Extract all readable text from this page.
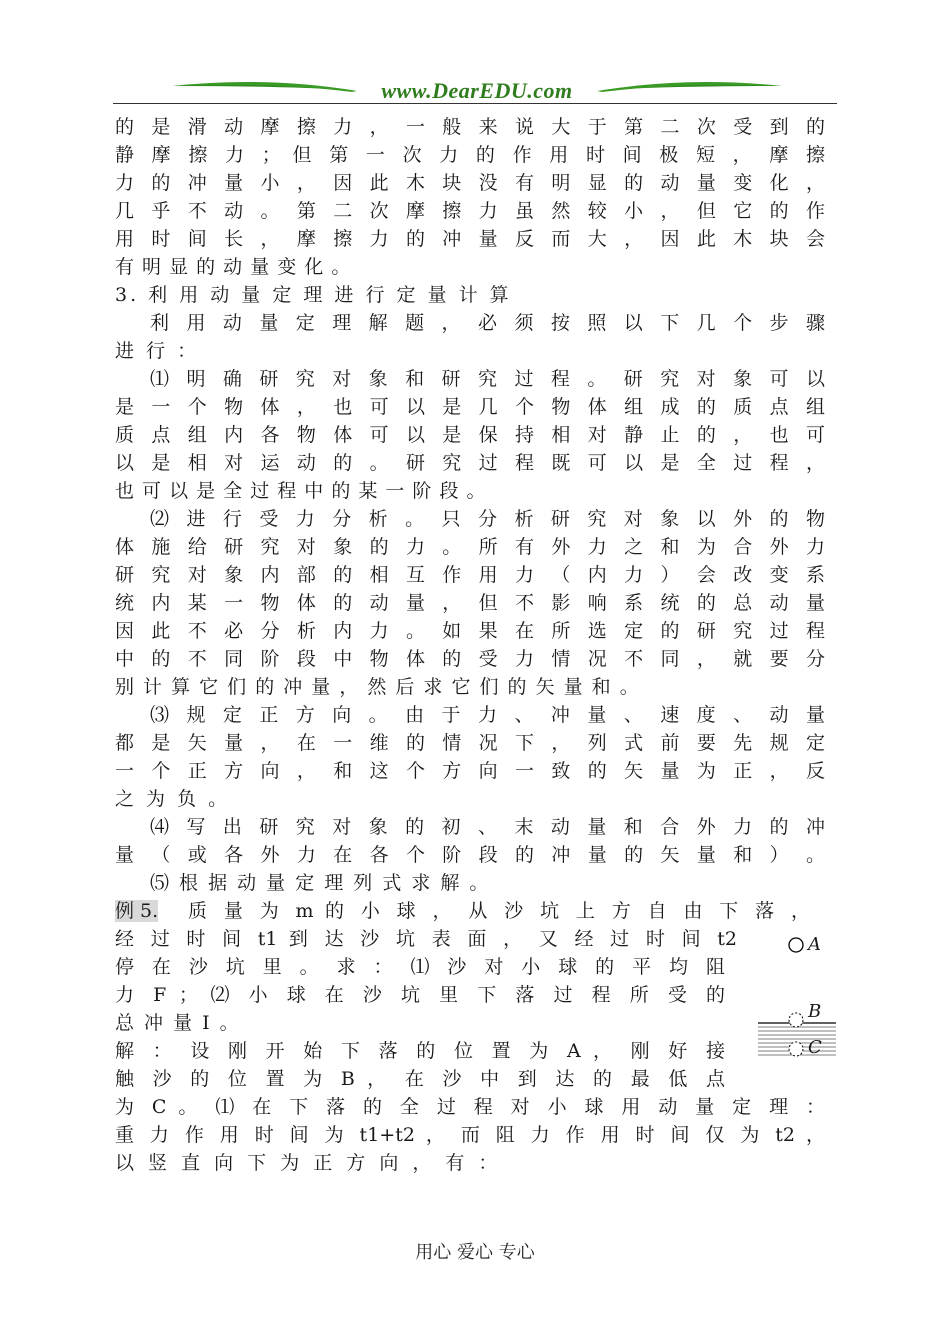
www.DearEDU.com
的 是 滑 动 摩 擦 力 ， 一 般 来 说 大 于 第 二 次 受 到 的
静 摩 擦 力 ； 但 第 一 次 力 的 作 用 时 间 极 短 ， 摩 擦
力 的 冲 量 小 ， 因 此 木 块 没 有 明 显 的 动 量 变 化 ，
几 乎 不 动 。 第 二 次 摩 擦 力 虽 然 较 小 ， 但 它 的 作
用 时 间 长 ， 摩 擦 力 的 冲 量 反 而 大 ， 因 此 木 块 会
有 明 显 的 动 量 变 化 。
3. 利 用 动 量 定 理 进 行 定 量 计 算
利 用 动 量 定 理 解 题 ， 必 须 按 照 以 下 几 个 步 骤
进 行 ：
⑴ 明 确 研 究 对 象 和 研 究 过 程 。 研 究 对 象 可 以
是 一 个 物 体 ， 也 可 以 是 几 个 物 体 组 成 的 质 点 组
质 点 组 内 各 物 体 可 以 是 保 持 相 对 静 止 的 ， 也 可
以 是 相 对 运 动 的 。 研 究 过 程 既 可 以 是 全 过 程 ，
也 可 以 是 全 过 程 中 的 某 一 阶 段 。
⑵ 进 行 受 力 分 析 。 只 分 析 研 究 对 象 以 外 的 物
体 施 给 研 究 对 象 的 力 。 所 有 外 力 之 和 为 合 外 力
研 究 对 象 内 部 的 相 互 作 用 力 （ 内 力 ） 会 改 变 系
统 内 某 一 物 体 的 动 量 ， 但 不 影 响 系 统 的 总 动 量
因 此 不 必 分 析 内 力 。 如 果 在 所 选 定 的 研 究 过 程
中 的 不 同 阶 段 中 物 体 的 受 力 情 况 不 同 ， 就 要 分
别 计 算 它 们 的 冲 量 ， 然 后 求 它 们 的 矢 量 和 。
⑶ 规 定 正 方 向 。 由 于 力 、 冲 量 、 速 度 、 动 量
都 是 矢 量 ， 在 一 维 的 情 况 下 ， 列 式 前 要 先 规 定
一 个 正 方 向 ， 和 这 个 方 向 一 致 的 矢 量 为 正 ， 反
之 为 负 。
⑷ 写 出 研 究 对 象 的 初 、 末 动 量 和 合 外 力 的 冲
量 （ 或 各 外 力 在 各 个 阶 段 的 冲 量 的 矢 量 和 ） 。
⑸ 根 据 动 量 定 理 列 式 求 解 。
例 5.	质 量 为 m 的 小 球 ， 从 沙 坑 上 方 自 由 下 落 ，
经 过 时 间 t1 到 达 沙 坑 表 面 ， 又 经 过 时 间 t2
停 在 沙 坑 里 。 求 ： ⑴ 沙 对 小 球 的 平 均 阻
力 F ； ⑵ 小 球 在 沙 坑 里 下 落 过 程 所 受 的
总 冲 量 I 。
解 ： 设 刚 开 始 下 落 的 位 置 为 A ， 刚 好 接
触 沙 的 位 置 为 B ， 在 沙 中 到 达 的 最 低 点
为 C 。 ⑴ 在 下 落 的 全 过 程 对 小 球 用 动 量 定 理 ：
重 力 作 用 时 间 为 t1+t2 ， 而 阻 力 作 用 时 间 仅 为 t2 ，
以 竖 直 向 下 为 正 方 向 ， 有 ：
A
B
C
用心 爱心 专心
